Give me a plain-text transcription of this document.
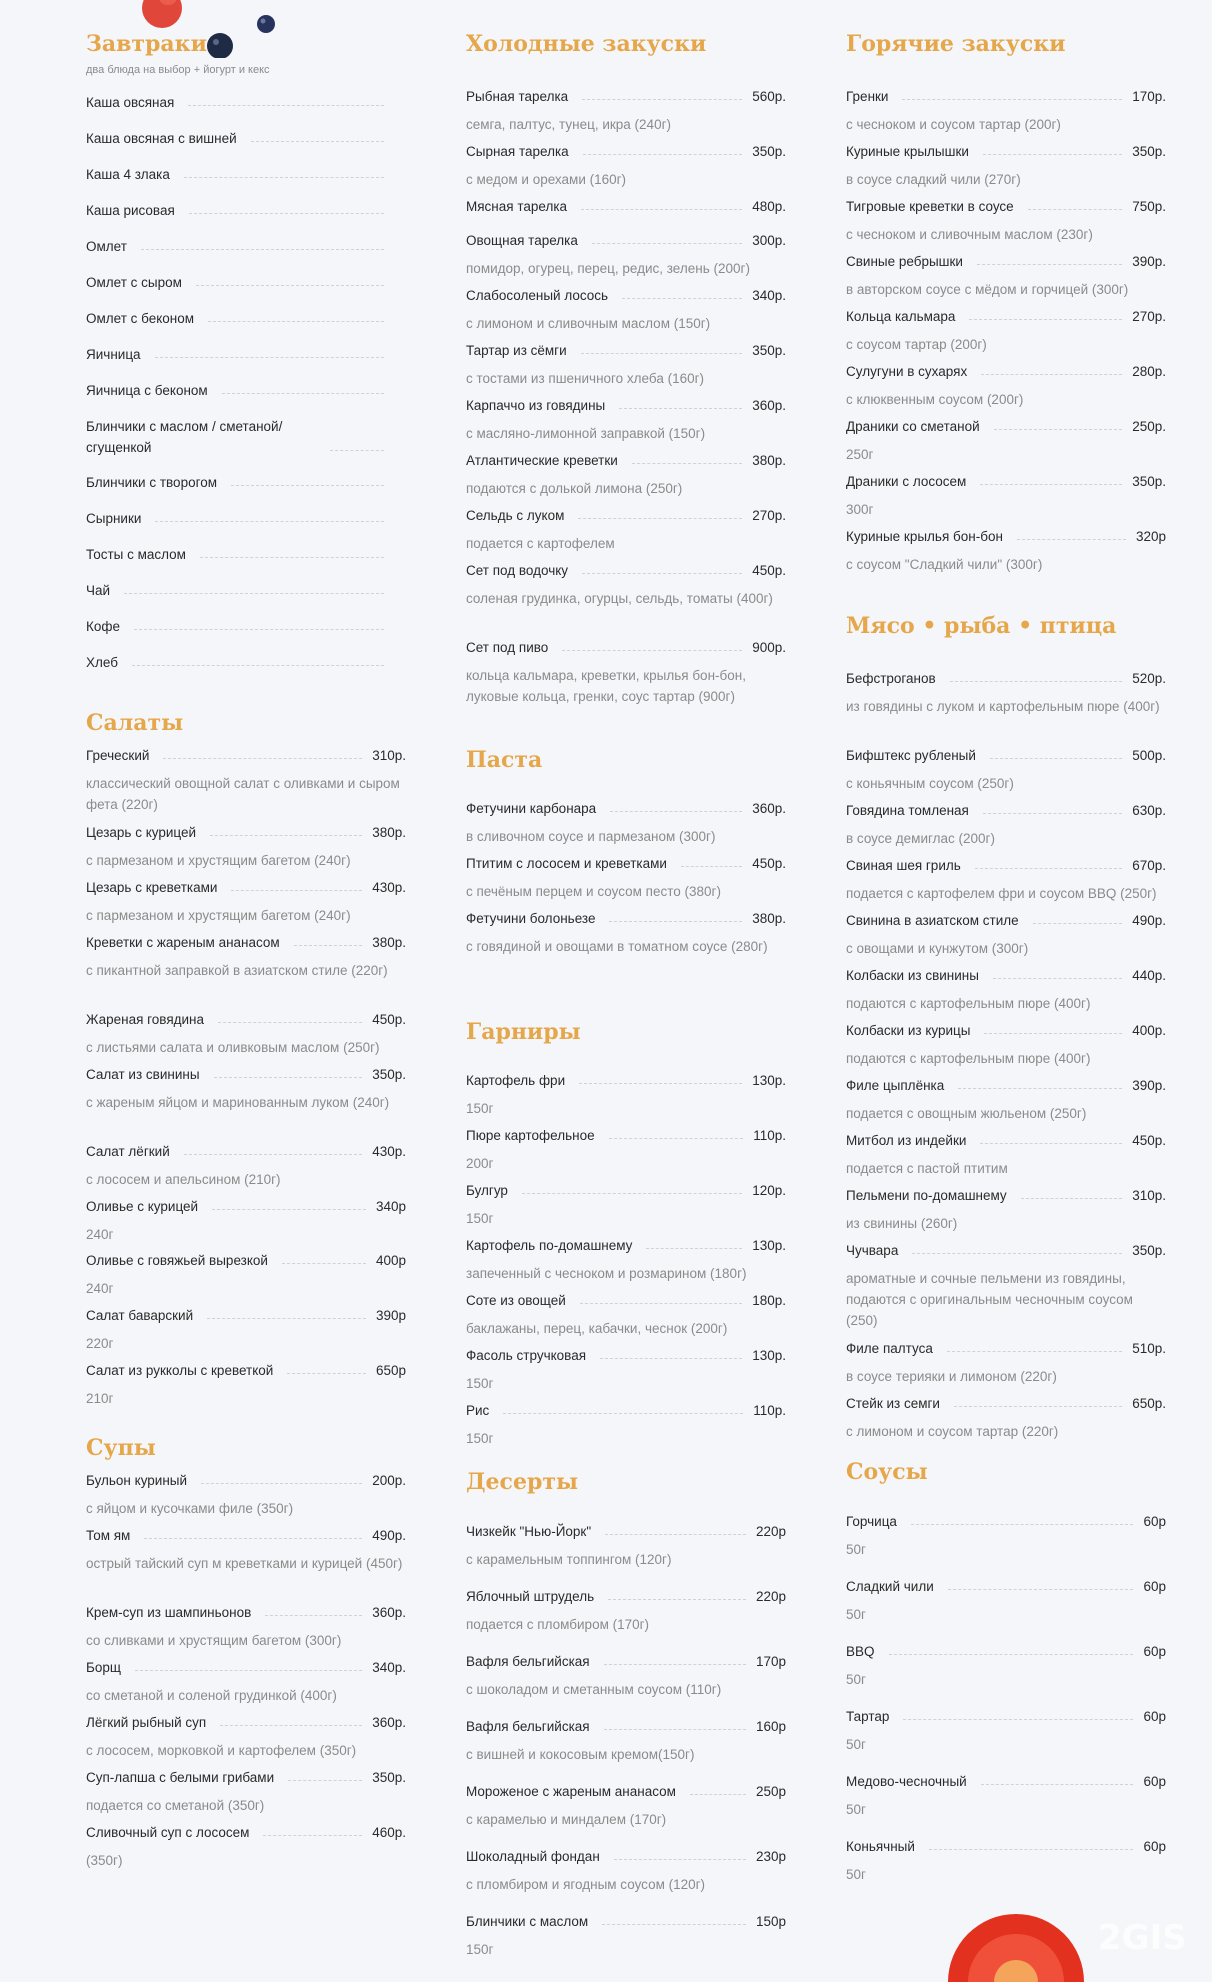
2GIS
Завтраки
два блюда на выбор + йогурт и кекс
Каша овсяная
Каша овсяная с вишней
Каша 4 злака
Каша рисовая
Омлет
Омлет с сыром
Омлет с беконом
Яичница
Яичница с беконом
Блинчики с маслом / сметаной/ сгущенкой
Блинчики с творогом
Сырники
Тосты с маслом
Чай
Кофе
Хлеб
Салаты
Греческий	310р.
классический овощной салат с оливками и сыром фета (220г)
Цезарь с курицей	380р.
с пармезаном и хрустящим багетом (240г)
Цезарь с креветками	430р.
с пармезаном и хрустящим багетом (240г)
Креветки с жареным ананасом	380р.
с пикантной заправкой в азиатском стиле (220г)
Жареная говядина	450р.
с листьями салата и оливковым маслом (250г)
Салат из свинины	350р.
с жареным яйцом и маринованным луком (240г)
Салат лёгкий	430р.
с лососем и апельсином (210г)
Оливье с курицей	340р
240г
Оливье с говяжьей вырезкой	400р
240г
Салат баварский	390р
220г
Салат из рукколы с креветкой	650р
210г
Супы
Бульон куриный	200р.
с яйцом и кусочками филе (350г)
Том ям	490р.
острый тайский суп м креветками и курицей (450г)
Крем-суп из шампиньонов	360р.
со сливками и хрустящим багетом (300г)
Борщ	340р.
со сметаной и соленой грудинкой (400г)
Лёгкий рыбный суп	360р.
с лососем, морковкой и картофелем (350г)
Суп-лапша с белыми грибами	350р.
подается со сметаной (350г)
Сливочный суп с лососем	460р.
(350г)
Холодные закуски
Рыбная тарелка	560р.
семга, палтус, тунец, икра (240г)
Сырная тарелка	350р.
с медом и орехами (160г)
Мясная тарелка	480р.
Овощная тарелка	300р.
помидор, огурец, перец, редис, зелень (200г)
Слабосоленый лосось	340р.
с лимоном и сливочным маслом (150г)
Тартар из сёмги	350р.
с тостами из пшеничного хлеба (160г)
Карпаччо из говядины	360р.
с масляно-лимонной заправкой (150г)
Атлантические креветки	380р.
подаются с долькой лимона (250г)
Сельдь с луком	270р.
подается с картофелем
Сет под водочку	450р.
соленая грудинка, огурцы, сельдь, томаты (400г)
Сет под пиво	900р.
кольца кальмара, креветки, крылья бон-бон, луковые кольца, гренки, соус тартар (900г)
Паста
Фетучини карбонара	360р.
в сливочном соусе и пармезаном (300г)
Птитим с лососем и креветками	450р.
с печёным перцем и соусом песто (380г)
Фетучини болоньезе	380р.
с говядиной и овощами в томатном соусе (280г)
Гарниры
Картофель фри	130р.
150г
Пюре картофельное	110р.
200г
Булгур	120р.
150г
Картофель по-домашнему	130р.
запеченный с чесноком и розмарином (180г)
Соте из овощей	180р.
баклажаны, перец, кабачки, чеснок (200г)
Фасоль стручковая	130р.
150г
Рис	110р.
150г
Десерты
Чизкейк "Нью-Йорк"	220р
с карамельным топпингом (120г)
Яблочный штрудель	220р
подается с пломбиром (170г)
Вафля бельгийская	170р
с шоколадом и сметанным соусом (110г)
Вафля бельгийская	160р
с вишней и кокосовым кремом(150г)
Мороженое с жареным ананасом	250р
с карамелью и миндалем (170г)
Шоколадный фондан	230р
с пломбиром и ягодным соусом (120г)
Блинчики с маслом	150р
150г
Горячие закуски
Гренки	170р.
с чесноком и соусом тартар (200г)
Куриные крылышки	350р.
в соусе сладкий чили (270г)
Тигровые креветки в соусе	750р.
с чесноком и сливочным маслом (230г)
Свиные ребрышки	390р.
в авторском соусе с мёдом и горчицей (300г)
Кольца кальмара	270р.
с соусом тартар (200г)
Сулугуни в сухарях	280р.
с клюквенным соусом (200г)
Драники со сметаной	250р.
250г
Драники с лососем	350р.
300г
Куриные крылья бон-бон	320р
с соусом "Сладкий чили" (300г)
Мясо • рыба • птица
Бефстроганов	520р.
из говядины с луком и картофельным пюре (400г)
Бифштекс рубленый	500р.
с коньячным соусом (250г)
Говядина томленая	630р.
в соусе демиглас (200г)
Свиная шея гриль	670р.
подается с картофелем фри и соусом BBQ (250г)
Свинина в азиатском стиле	490р.
с овощами и кунжутом (300г)
Колбаски из свинины	440р.
подаются с картофельным пюре (400г)
Колбаски из курицы	400р.
подаются с картофельным пюре (400г)
Филе цыплёнка	390р.
подается с овощным жюльеном (250г)
Митбол из индейки	450р.
подается с пастой птитим
Пельмени по-домашнему	310р.
из свинины (260г)
Чучвара	350р.
ароматные и сочные пельмени из говядины, подаются с оригинальным чесночным соусом (250)
Филе палтуса	510р.
в соусе терияки и лимоном (220г)
Стейк из семги	650р.
с лимоном и соусом тартар (220г)
Соусы
Горчица	60р
50г
Сладкий чили	60р
50г
BBQ	60р
50г
Тартар	60р
50г
Медово-чесночный	60р
50г
Коньячный	60р
50г
